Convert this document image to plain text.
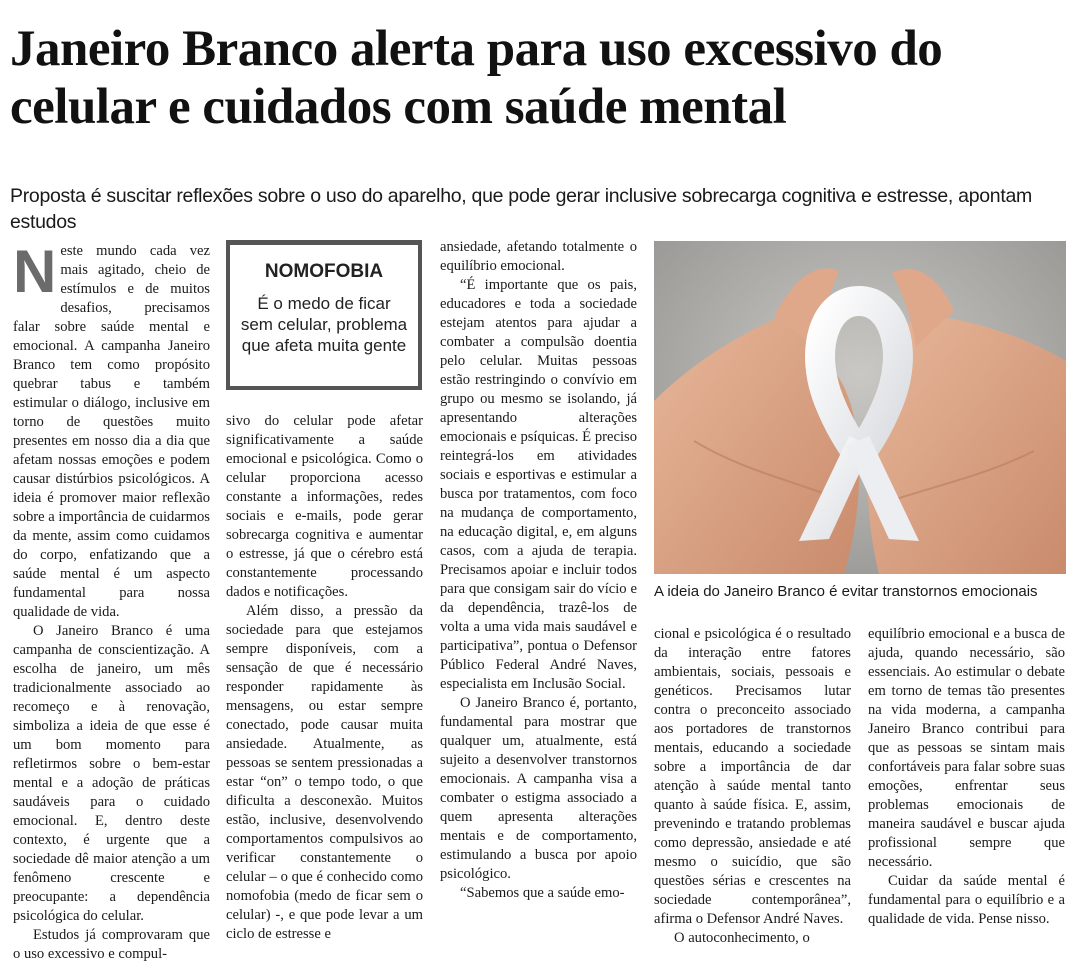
Janeiro Branco alerta para uso excessivo do celular e cuidados com saúde mental

Proposta é suscitar reflexões sobre o uso do aparelho, que pode gerar inclusive sobrecarga cognitiva e estresse, apontam estudos

Neste mundo cada vez mais agitado, cheio de estímulos e de muitos desafios, precisamos falar sobre saúde mental e emocional. A campanha Janeiro Branco tem como propósito quebrar tabus e também estimular o diálogo, inclusive em torno de questões muito presentes em nosso dia a dia que afetam nossas emoções e podem causar distúrbios psicológicos. A ideia é promover maior reflexão sobre a importância de cuidarmos da mente, assim como cuidamos do corpo, enfatizando que a saúde mental é um aspecto fundamental para nossa qualidade de vida.

O Janeiro Branco é uma campanha de conscientização. A escolha de janeiro, um mês tradicionalmente associado ao recomeço e à renovação, simboliza a ideia de que esse é um bom momento para refletirmos sobre o bem-estar mental e a adoção de práticas saudáveis para o cuidado emocional. E, dentro deste contexto, é urgente que a sociedade dê maior atenção a um fenômeno crescente e preocupante: a dependência psicológica do celular.

Estudos já comprovaram que o uso excessivo e compul-

NOMOFOBIA
É o medo de ficar sem celular, problema que afeta muita gente

sivo do celular pode afetar significativamente a saúde emocional e psicológica. Como o celular proporciona acesso constante a informações, redes sociais e e-mails, pode gerar sobrecarga cognitiva e aumentar o estresse, já que o cérebro está constantemente processando dados e notificações.

Além disso, a pressão da sociedade para que estejamos sempre disponíveis, com a sensação de que é necessário responder rapidamente às mensagens, ou estar sempre conectado, pode causar muita ansiedade. Atualmente, as pessoas se sentem pressionadas a estar “on” o tempo todo, o que dificulta a desconexão. Muitos estão, inclusive, desenvolvendo comportamentos compulsivos ao verificar constantemente o celular – o que é conhecido como nomofobia (medo de ficar sem o celular) -, e que pode levar a um ciclo de estresse e

ansiedade, afetando totalmente o equilíbrio emocional.

“É importante que os pais, educadores e toda a sociedade estejam atentos para ajudar a combater a compulsão doentia pelo celular. Muitas pessoas estão restringindo o convívio em grupo ou mesmo se isolando, já apresentando alterações emocionais e psíquicas. É preciso reintegrá-los em atividades sociais e esportivas e estimular a busca por tratamentos, com foco na mudança de comportamento, na educação digital, e, em alguns casos, com a ajuda de terapia. Precisamos apoiar e incluir todos para que consigam sair do vício e da dependência, trazê-los de volta a uma vida mais saudável e participativa”, pontua o Defensor Público Federal André Naves, especialista em Inclusão Social.

O Janeiro Branco é, portanto, fundamental para mostrar que qualquer um, atualmente, está sujeito a desenvolver transtornos emocionais. A campanha visa a combater o estigma associado a quem apresenta alterações mentais e de comportamento, estimulando a busca por apoio psicológico.

“Sabemos que a saúde emo-

A ideia do Janeiro Branco é evitar transtornos emocionais

cional e psicológica é o resultado da interação entre fatores ambientais, sociais, pessoais e genéticos. Precisamos lutar contra o preconceito associado aos portadores de transtornos mentais, educando a sociedade sobre a importância de dar atenção à saúde mental tanto quanto à saúde física. E, assim, prevenindo e tratando problemas como depressão, ansiedade e até mesmo o suicídio, que são questões sérias e crescentes na sociedade contemporânea”, afirma o Defensor André Naves.

O autoconhecimento, o

equilíbrio emocional e a busca de ajuda, quando necessário, são essenciais. Ao estimular o debate em torno de temas tão presentes na vida moderna, a campanha Janeiro Branco contribui para que as pessoas se sintam mais confortáveis para falar sobre suas emoções, enfrentar seus problemas emocionais de maneira saudável e buscar ajuda profissional sempre que necessário.

Cuidar da saúde mental é fundamental para o equilíbrio e a qualidade de vida. Pense nisso.
